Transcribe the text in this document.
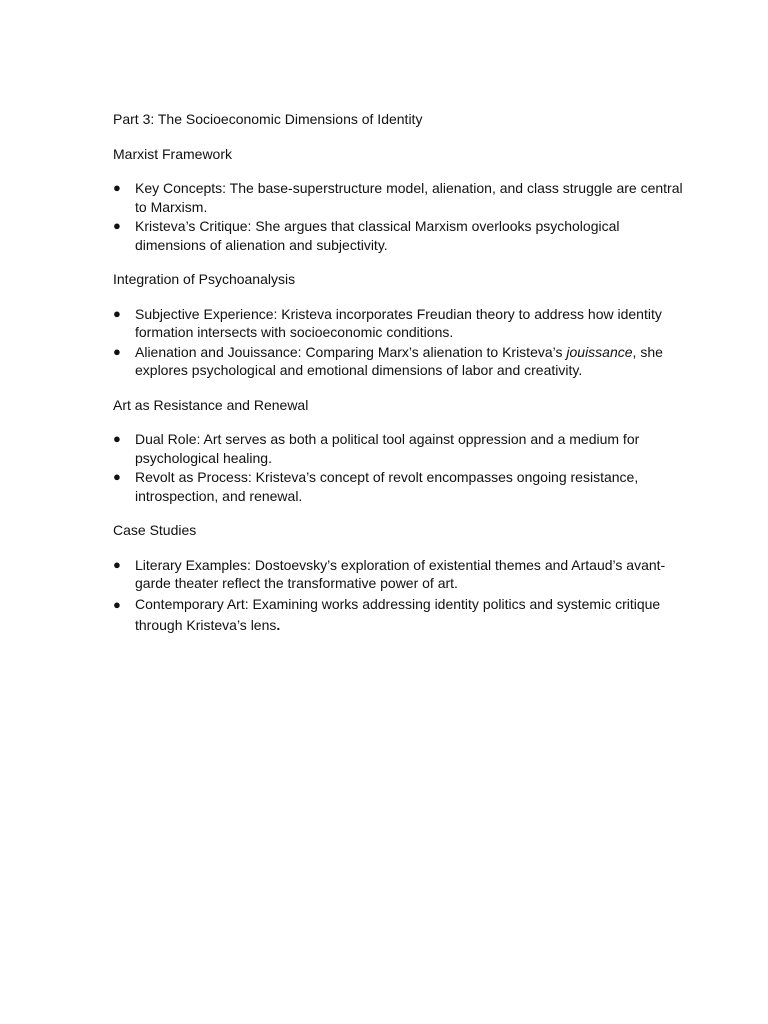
Part 3: The Socioeconomic Dimensions of Identity

Marxist Framework

●	Key Concepts: The base-superstructure model, alienation, and class struggle are central to Marxism.
●	Kristeva’s Critique: She argues that classical Marxism overlooks psychological dimensions of alienation and subjectivity.

Integration of Psychoanalysis

●	Subjective Experience: Kristeva incorporates Freudian theory to address how identity formation intersects with socioeconomic conditions.
●	Alienation and Jouissance: Comparing Marx’s alienation to Kristeva’s jouissance, she explores psychological and emotional dimensions of labor and creativity.

Art as Resistance and Renewal

●	Dual Role: Art serves as both a political tool against oppression and a medium for psychological healing.
●	Revolt as Process: Kristeva’s concept of revolt encompasses ongoing resistance, introspection, and renewal.

Case Studies

●	Literary Examples: Dostoevsky’s exploration of existential themes and Artaud’s avant-garde theater reflect the transformative power of art.
●	Contemporary Art: Examining works addressing identity politics and systemic critique through Kristeva’s lens.
